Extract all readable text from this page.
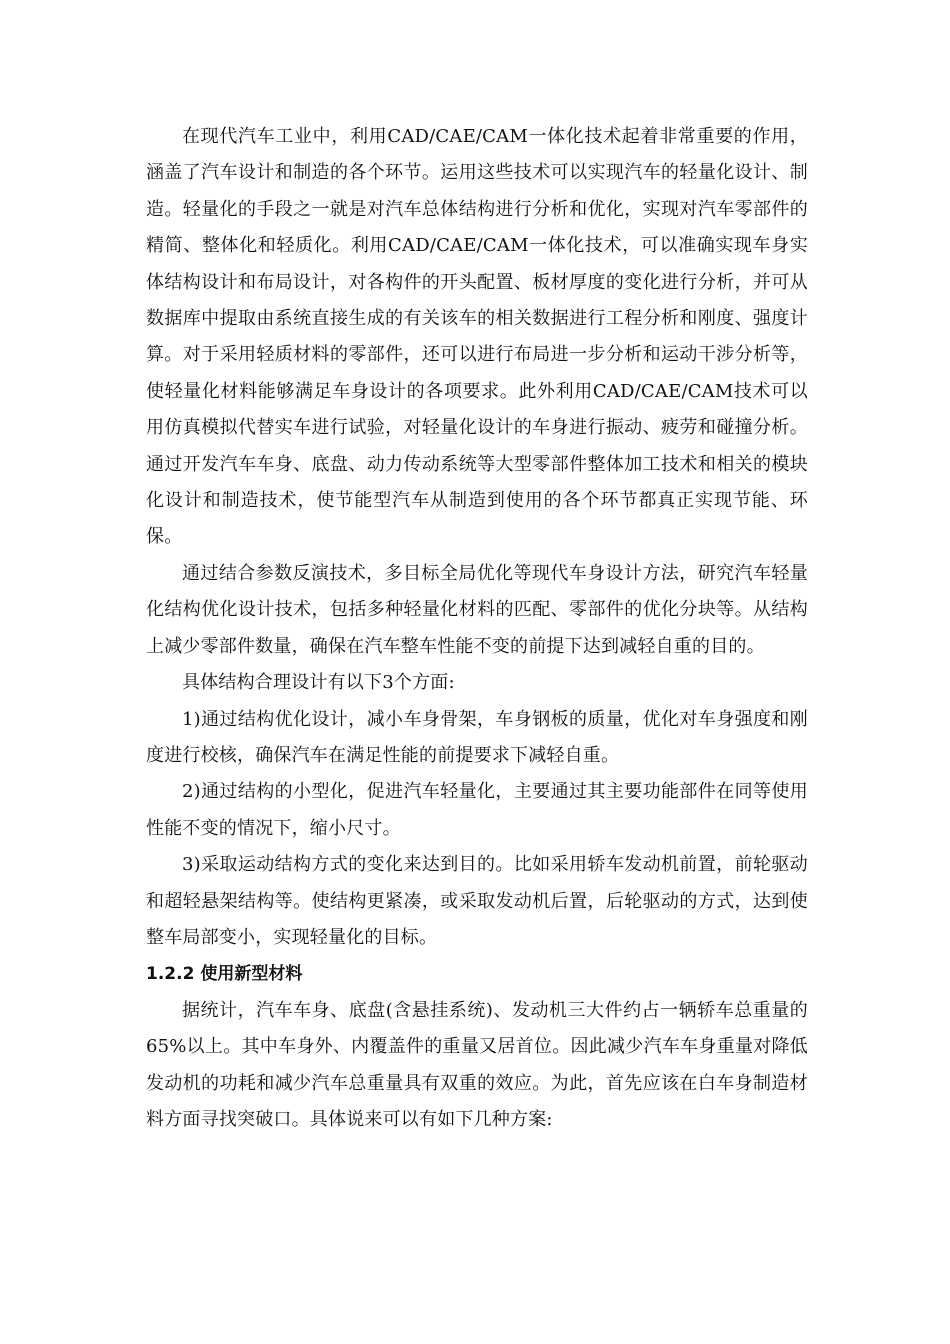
在现代汽车工业中，利用CAD/CAE/CAM一体化技术起着非常重要的作用，涵盖了汽车设计和制造的各个环节。运用这些技术可以实现汽车的轻量化设计、制造。轻量化的手段之一就是对汽车总体结构进行分析和优化，实现对汽车零部件的精简、整体化和轻质化。利用CAD/CAE/CAM一体化技术，可以准确实现车身实体结构设计和布局设计，对各构件的开头配置、板材厚度的变化进行分析，并可从数据库中提取由系统直接生成的有关该车的相关数据进行工程分析和刚度、强度计算。对于采用轻质材料的零部件，还可以进行布局进一步分析和运动干涉分析等，使轻量化材料能够满足车身设计的各项要求。此外利用CAD/CAE/CAM技术可以用仿真模拟代替实车进行试验，对轻量化设计的车身进行振动、疲劳和碰撞分析。通过开发汽车车身、底盘、动力传动系统等大型零部件整体加工技术和相关的模块化设计和制造技术，使节能型汽车从制造到使用的各个环节都真正实现节能、环保。

通过结合参数反演技术，多目标全局优化等现代车身设计方法，研究汽车轻量化结构优化设计技术，包括多种轻量化材料的匹配、零部件的优化分块等。从结构上减少零部件数量，确保在汽车整车性能不变的前提下达到减轻自重的目的。

具体结构合理设计有以下3个方面:

1)通过结构优化设计，减小车身骨架，车身钢板的质量，优化对车身强度和刚度进行校核，确保汽车在满足性能的前提要求下减轻自重。

2)通过结构的小型化，促进汽车轻量化，主要通过其主要功能部件在同等使用性能不变的情况下，缩小尺寸。

3)采取运动结构方式的变化来达到目的。比如采用轿车发动机前置，前轮驱动和超轻悬架结构等。使结构更紧凑，或采取发动机后置，后轮驱动的方式，达到使整车局部变小，实现轻量化的目标。

1.2.2 使用新型材料

据统计，汽车车身、底盘(含悬挂系统)、发动机三大件约占一辆轿车总重量的65%以上。其中车身外、内覆盖件的重量又居首位。因此减少汽车车身重量对降低发动机的功耗和减少汽车总重量具有双重的效应。为此，首先应该在白车身制造材料方面寻找突破口。具体说来可以有如下几种方案:
